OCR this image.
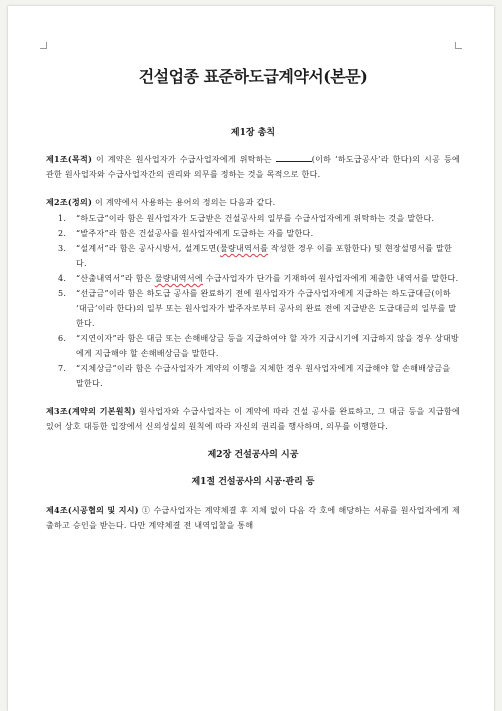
건설업종 표준하도급계약서(본문)
제1장 총칙

제1조(목적) 이 계약은 원사업자가 수급사업자에게 위탁하는	(이하 ‘하도급공사’라 한다)의 시공 등에 관한 원사업자와 수급사업자간의 권리와 의무를 정하는 것을 목적으로 한다.

제2조(정의) 이 계약에서 사용하는 용어의 정의는 다음과 같다.

1. “하도급”이라 함은 원사업자가 도급받은 건설공사의 일부를 수급사업자에게 위탁하는 것을 말한다.
2. “발주자”라 함은 건설공사를 원사업자에게 도급하는 자를 말한다.
3. “설계서”라 함은 공사시방서, 설계도면(물량내역서를 작성한 경우 이를 포함한다) 및 현장설명서를 말한다.
4. “산출내역서”라 함은 물량내역서에 수급사업자가 단가를 기재하여 원사업자에게 제출한 내역서를 말한다.
5. “선급금”이라 함은 하도급 공사를 완료하기 전에 원사업자가 수급사업자에게 지급하는 하도급대금(이하 ‘대금’이라 한다)의 일부 또는 원사업자가 발주자로부터 공사의 완료 전에 지급받은 도급대금의 일부를 말한다.
6. “지연이자”라 함은 대금 또는 손해배상금 등을 지급하여야 할 자가 지급시기에 지급하지 않을 경우 상대방에게 지급해야 할 손해배상금을 말한다.
7. “지체상금”이라 함은 수급사업자가 계약의 이행을 지체한 경우 원사업자에게 지급해야 할 손해배상금을 말한다.

제3조(계약의 기본원칙) 원사업자와 수급사업자는 이 계약에 따라 건설 공사를 완료하고, 그 대금 등을 지급함에 있어 상호 대등한 입장에서 신의성실의 원칙에 따라 자신의 권리를 행사하며, 의무를 이행한다.

제2장 건설공사의 시공
제1절 건설공사의 시공·관리 등

제4조(시공협의 및 지시) ① 수급사업자는 계약체결 후 지체 없이 다음 각 호에 해당하는 서류를 원사업자에게 제출하고 승인을 받는다. 다만 계약체결 전 내역입찰을 통해
